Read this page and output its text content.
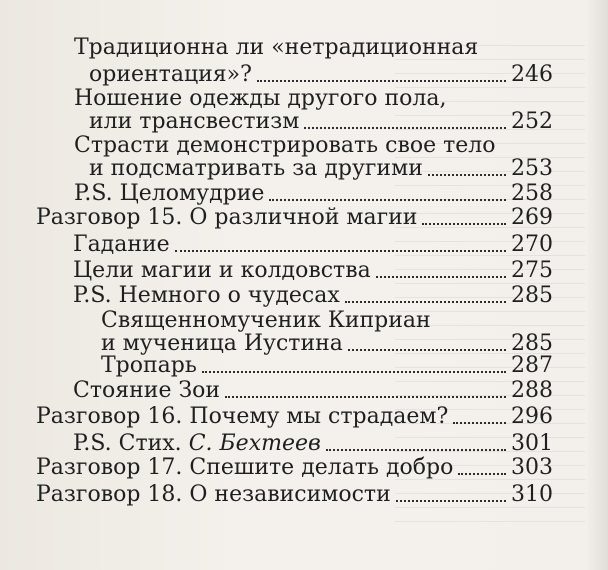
Традиционна ли «нетрадиционная
ориентация»?	246
Ношение одежды другого пола,
или трансвестизм	252
Страсти демонстрировать свое тело
и подсматривать за другими	253
P.S. Целомудрие	258
Разговор 15. О различной магии	269
Гадание	270
Цели магии и колдовства	275
P.S. Немного о чудесах	285
Священномученик Киприан
и мученица Иустина	285
Тропарь	287
Стояние Зои	288
Разговор 16. Почему мы страдаем?	296
P.S. Стих. С. Бехтеев	301
Разговор 17. Спешите делать добро	303
Разговор 18. О независимости	310
